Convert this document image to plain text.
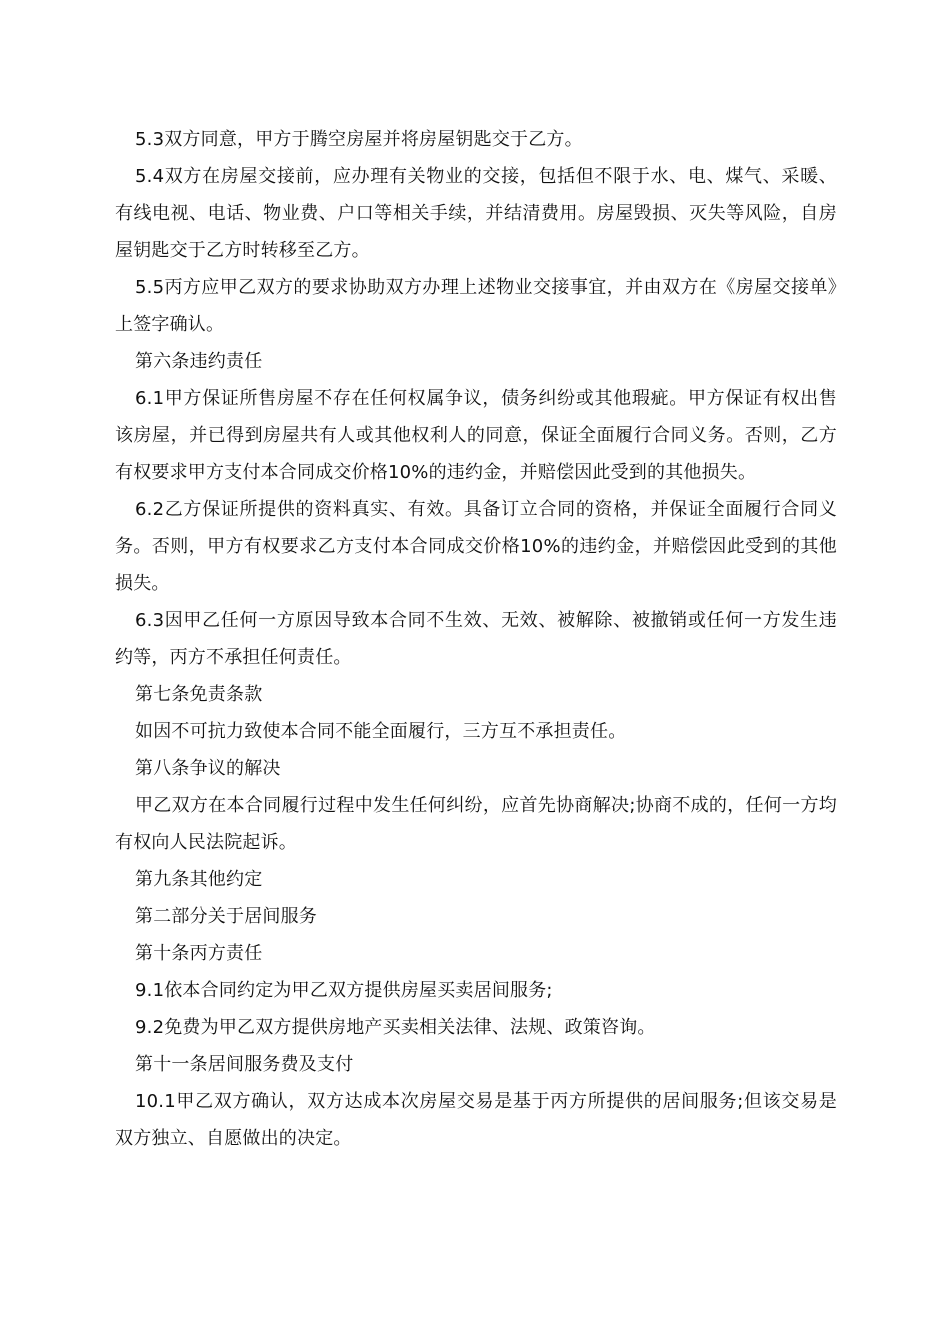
5.3双方同意，甲方于腾空房屋并将房屋钥匙交于乙方。

5.4双方在房屋交接前，应办理有关物业的交接，包括但不限于水、电、煤气、采暖、有线电视、电话、物业费、户口等相关手续，并结清费用。房屋毁损、灭失等风险，自房屋钥匙交于乙方时转移至乙方。

5.5丙方应甲乙双方的要求协助双方办理上述物业交接事宜，并由双方在《房屋交接单》上签字确认。

第六条违约责任

6.1甲方保证所售房屋不存在任何权属争议，债务纠纷或其他瑕疵。甲方保证有权出售该房屋，并已得到房屋共有人或其他权利人的同意，保证全面履行合同义务。否则，乙方有权要求甲方支付本合同成交价格10%的违约金，并赔偿因此受到的其他损失。

6.2乙方保证所提供的资料真实、有效。具备订立合同的资格，并保证全面履行合同义务。否则，甲方有权要求乙方支付本合同成交价格10%的违约金，并赔偿因此受到的其他损失。

6.3因甲乙任何一方原因导致本合同不生效、无效、被解除、被撤销或任何一方发生违约等，丙方不承担任何责任。

第七条免责条款

如因不可抗力致使本合同不能全面履行，三方互不承担责任。

第八条争议的解决

甲乙双方在本合同履行过程中发生任何纠纷，应首先协商解决;协商不成的，任何一方均有权向人民法院起诉。

第九条其他约定

第二部分关于居间服务

第十条丙方责任

9.1依本合同约定为甲乙双方提供房屋买卖居间服务;

9.2免费为甲乙双方提供房地产买卖相关法律、法规、政策咨询。

第十一条居间服务费及支付

10.1甲乙双方确认，双方达成本次房屋交易是基于丙方所提供的居间服务;但该交易是双方独立、自愿做出的决定。
